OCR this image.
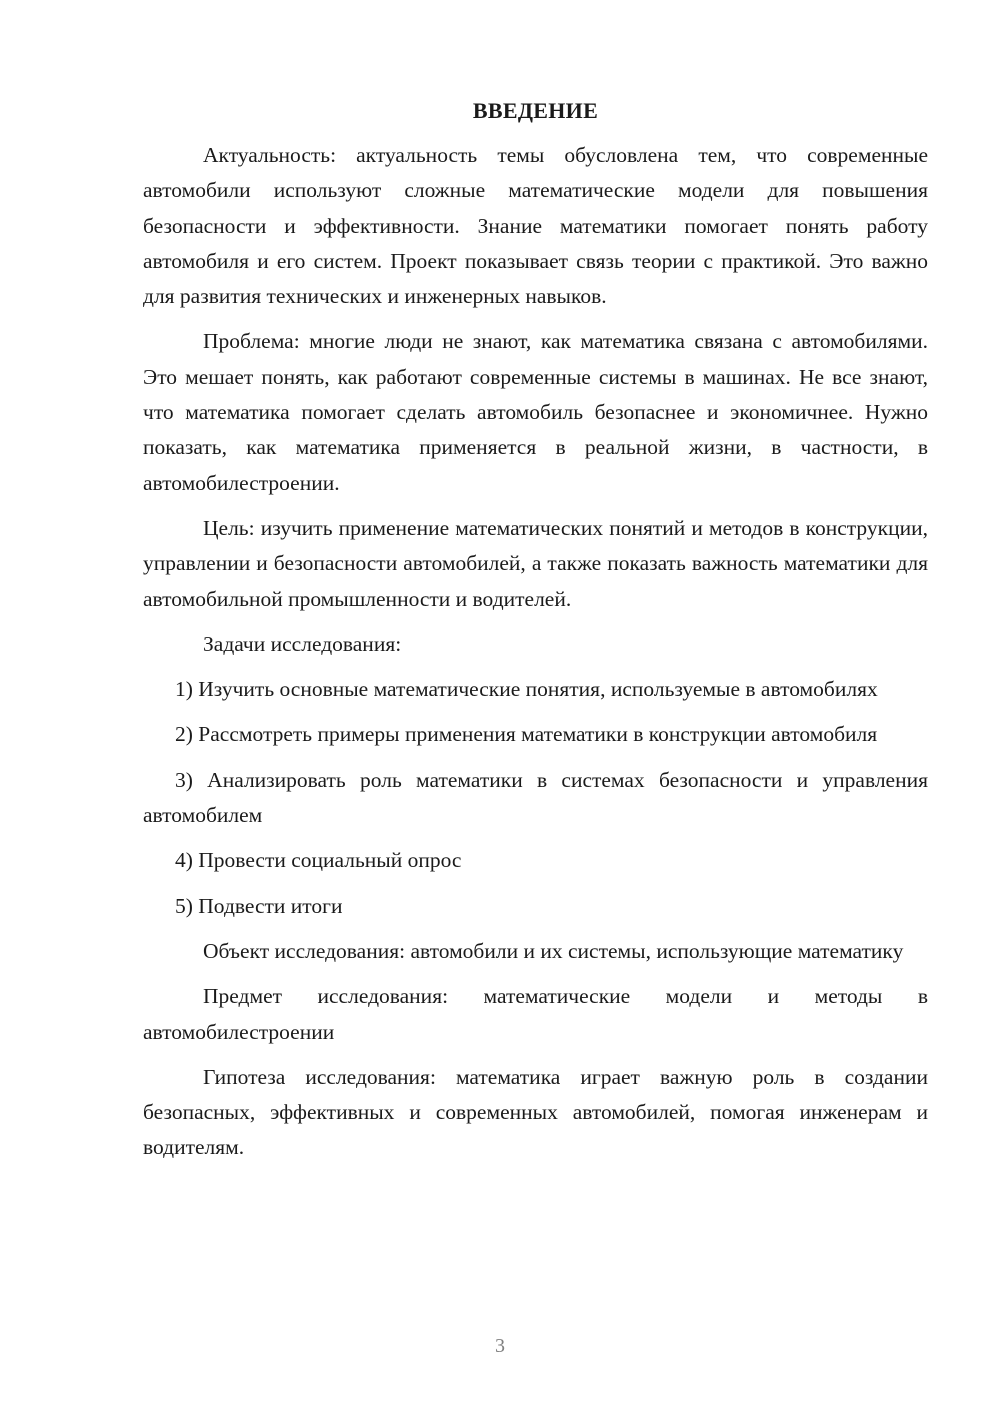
ВВЕДЕНИЕ

Актуальность: актуальность темы обусловлена тем, что современные автомобили используют сложные математические модели для повышения безопасности и эффективности. Знание математики помогает понять работу автомобиля и его систем. Проект показывает связь теории с практикой. Это важно для развития технических и инженерных навыков.

Проблема: многие люди не знают, как математика связана с автомобилями. Это мешает понять, как работают современные системы в машинах. Не все знают, что математика помогает сделать автомобиль безопаснее и экономичнее. Нужно показать, как математика применяется в реальной жизни, в частности, в автомобилестроении.

Цель: изучить применение математических понятий и методов в конструкции, управлении и безопасности автомобилей, а также показать важность математики для автомобильной промышленности и водителей.

Задачи исследования:

1) Изучить основные математические понятия, используемые в автомобилях

2) Рассмотреть примеры применения математики в конструкции автомобиля

3) Анализировать роль математики в системах безопасности и управления автомобилем

4) Провести социальный опрос

5) Подвести итоги

Объект исследования: автомобили и их системы, использующие математику

Предмет исследования: математические модели и методы в автомобилестроении

Гипотеза исследования: математика играет важную роль в создании безопасных, эффективных и современных автомобилей, помогая инженерам и водителям.

3
